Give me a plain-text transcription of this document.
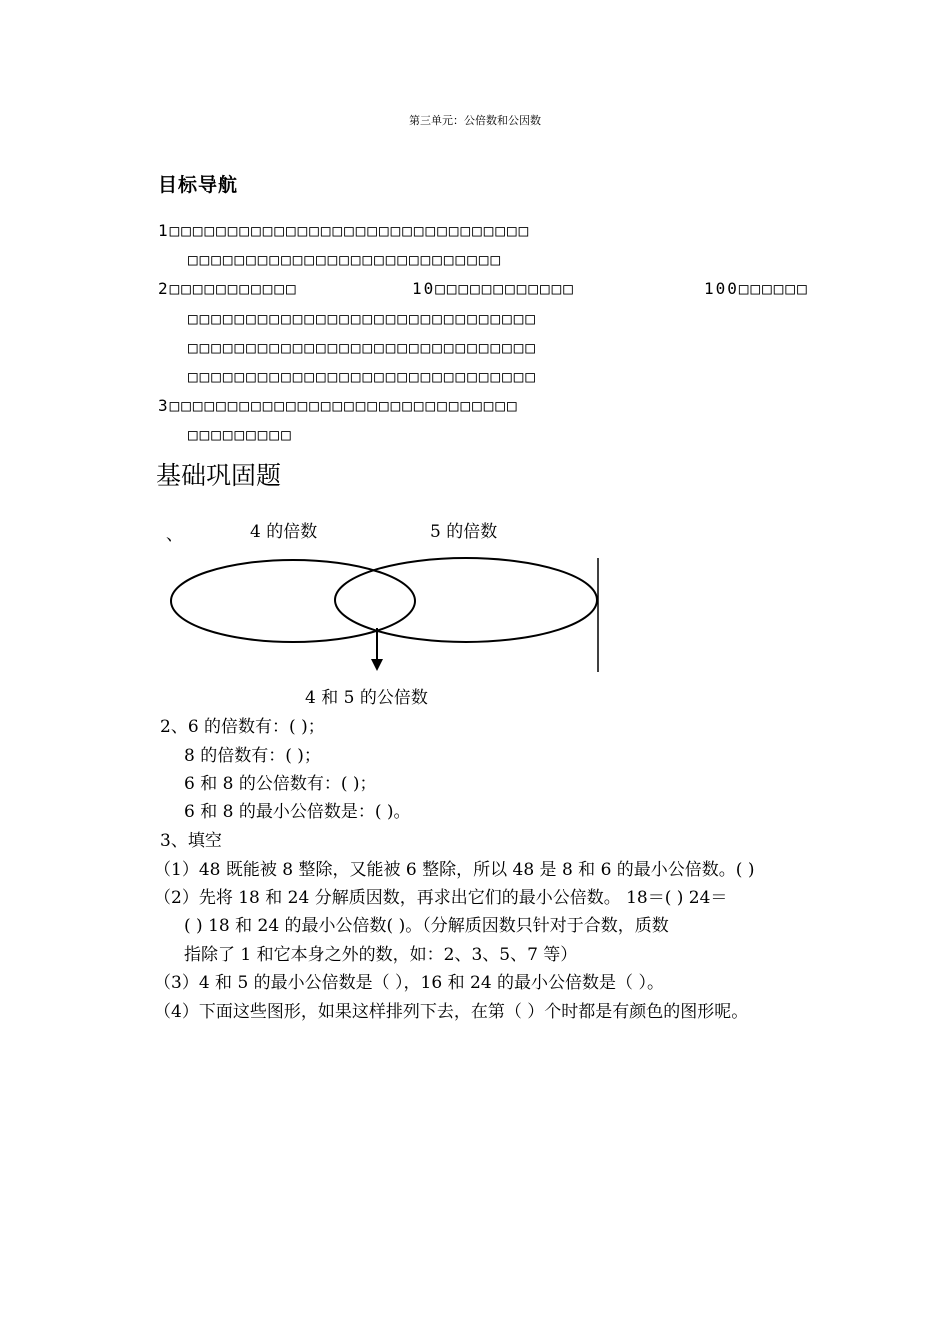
第三单元：公倍数和公因数
目标导航
1□□□□□□□□□□□□□□□□□□□□□□□□□□□□□□□
□□□□□□□□□□□□□□□□□□□□□□□□□□□
2□□□□□□□□□□□	10□□□□□□□□□□□□	100□□□□□□
□□□□□□□□□□□□□□□□□□□□□□□□□□□□□□
□□□□□□□□□□□□□□□□□□□□□□□□□□□□□□
□□□□□□□□□□□□□□□□□□□□□□□□□□□□□□
3□□□□□□□□□□□□□□□□□□□□□□□□□□□□□□
□□□□□□□□□
基础巩固题
、	4 的倍数	5 的倍数
4 和 5 的公倍数
2、6 的倍数有：( )；
8 的倍数有：( )；
6 和 8 的公倍数有：( )；
6 和 8 的最小公倍数是：( )。
3、填空
（1）48 既能被 8 整除，又能被 6 整除，所以 48 是 8 和 6 的最小公倍数。( )
（2）先将 18 和 24 分解质因数，再求出它们的最小公倍数。 18＝( ) 24＝
( ) 18 和 24 的最小公倍数( )。（分解质因数只针对于合数，质数
指除了 1 和它本身之外的数，如：2、3、5、7 等）
（3）4 和 5 的最小公倍数是（ ），16 和 24 的最小公倍数是（ ）。
（4）下面这些图形，如果这样排列下去，在第（ ）个时都是有颜色的图形呢。
